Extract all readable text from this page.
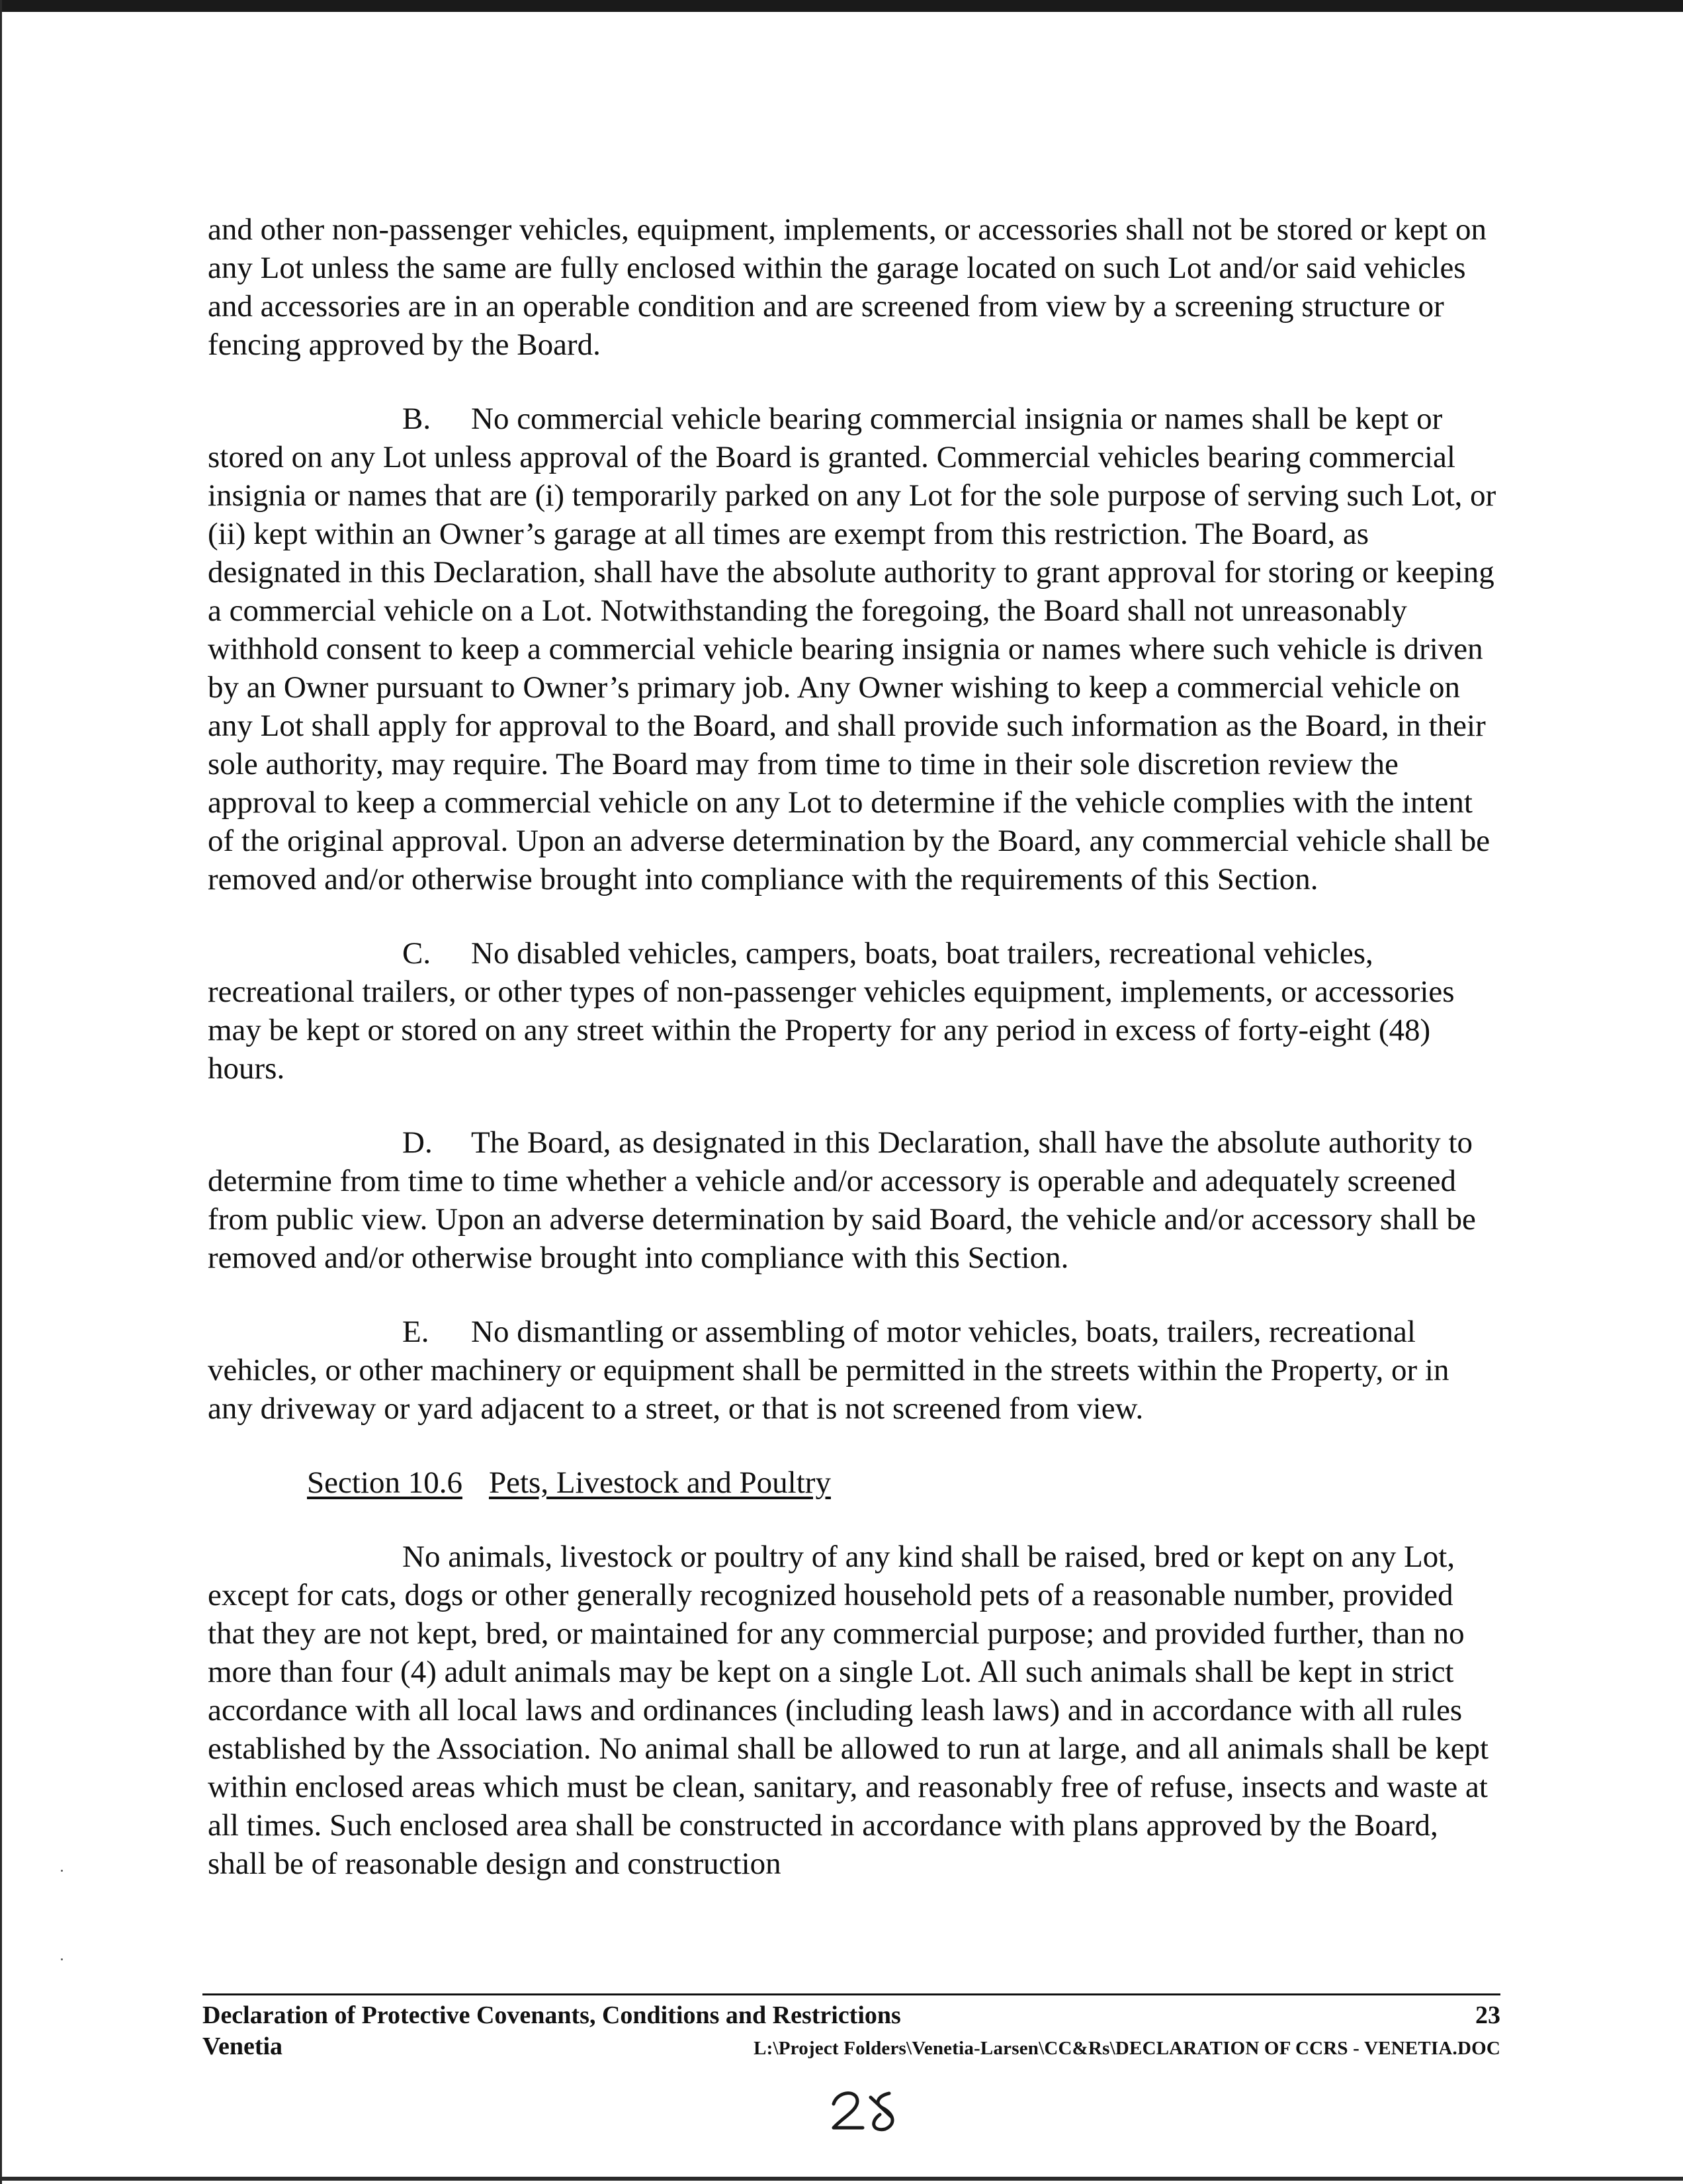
and other non-passenger vehicles, equipment, implements, or accessories shall not be stored or kept on any Lot unless the same are fully enclosed within the garage located on such Lot and/or said vehicles and accessories are in an operable condition and are screened from view by a screening structure or fencing approved by the Board.

B. No commercial vehicle bearing commercial insignia or names shall be kept or stored on any Lot unless approval of the Board is granted. Commercial vehicles bearing commercial insignia or names that are (i) temporarily parked on any Lot for the sole purpose of serving such Lot, or (ii) kept within an Owner’s garage at all times are exempt from this restriction. The Board, as designated in this Declaration, shall have the absolute authority to grant approval for storing or keeping a commercial vehicle on a Lot. Notwithstanding the foregoing, the Board shall not unreasonably withhold consent to keep a commercial vehicle bearing insignia or names where such vehicle is driven by an Owner pursuant to Owner’s primary job. Any Owner wishing to keep a commercial vehicle on any Lot shall apply for approval to the Board, and shall provide such information as the Board, in their sole authority, may require. The Board may from time to time in their sole discretion review the approval to keep a commercial vehicle on any Lot to determine if the vehicle complies with the intent of the original approval. Upon an adverse determination by the Board, any commercial vehicle shall be removed and/or otherwise brought into compliance with the requirements of this Section.

C. No disabled vehicles, campers, boats, boat trailers, recreational vehicles, recreational trailers, or other types of non-passenger vehicles equipment, implements, or accessories may be kept or stored on any street within the Property for any period in excess of forty-eight (48) hours.

D. The Board, as designated in this Declaration, shall have the absolute authority to determine from time to time whether a vehicle and/or accessory is operable and adequately screened from public view. Upon an adverse determination by said Board, the vehicle and/or accessory shall be removed and/or otherwise brought into compliance with this Section.

E. No dismantling or assembling of motor vehicles, boats, trailers, recreational vehicles, or other machinery or equipment shall be permitted in the streets within the Property, or in any driveway or yard adjacent to a street, or that is not screened from view.

Section 10.6 Pets, Livestock and Poultry

No animals, livestock or poultry of any kind shall be raised, bred or kept on any Lot, except for cats, dogs or other generally recognized household pets of a reasonable number, provided that they are not kept, bred, or maintained for any commercial purpose; and provided further, than no more than four (4) adult animals may be kept on a single Lot. All such animals shall be kept in strict accordance with all local laws and ordinances (including leash laws) and in accordance with all rules established by the Association. No animal shall be allowed to run at large, and all animals shall be kept within enclosed areas which must be clean, sanitary, and reasonably free of refuse, insects and waste at all times. Such enclosed area shall be constructed in accordance with plans approved by the Board, shall be of reasonable design and construction

Declaration of Protective Covenants, Conditions and Restrictions	23
Venetia	L:\Project Folders\Venetia-Larsen\CC&Rs\DECLARATION OF CCRS - VENETIA.DOC
